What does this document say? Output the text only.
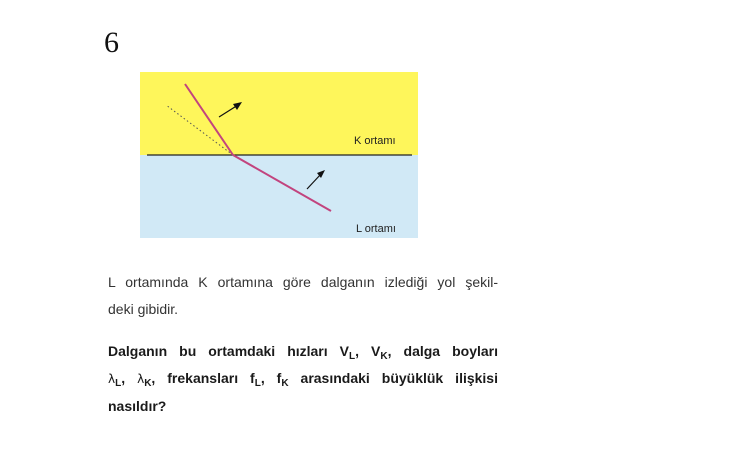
6
K ortamı
L ortamı
L ortamında K ortamına göre dalganın izlediği yol şekil-
deki gibidir.
Dalganın bu ortamdaki hızları $V_L$, $V_K$, dalga boyları
$\lambda_L$, $\lambda_K$, frekansları $f_L$, $f_K$ arasındaki büyüklük ilişkisi
nasıldır?
